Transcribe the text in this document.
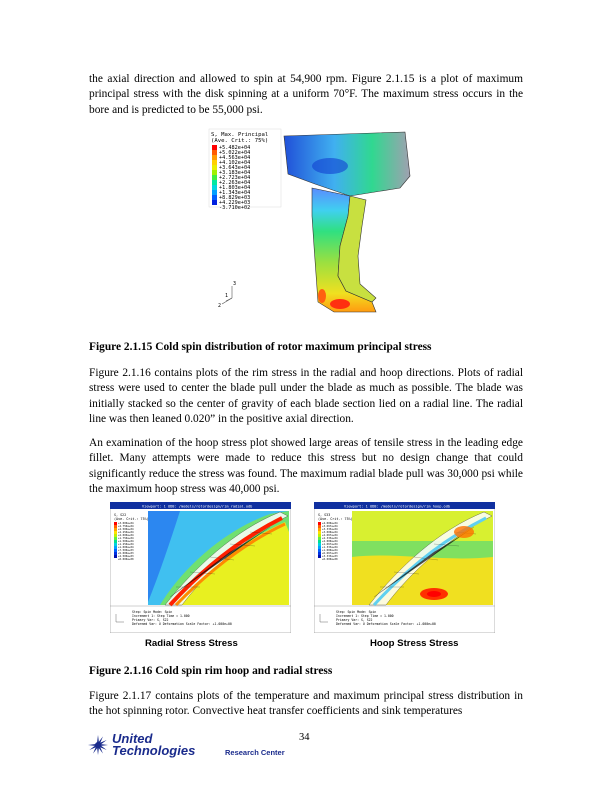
the axial direction and allowed to spin at 54,900 rpm. Figure 2.1.15 is a plot of maximum principal stress with the disk spinning at a uniform 70°F. The maximum stress occurs in the bore and is predicted to be 55,000 psi.

S, Max. Principal
(Ave. Crit.: 75%)
+5.482e+04
+5.022e+04
+4.563e+04
+4.102e+04
+3.643e+04
+3.183e+04
+2.723e+04
+2.263e+04
+1.803e+04
+1.343e+04
+8.829e+03
+4.229e+03
-3.710e+02
2
1
3

Figure 2.1.15 Cold spin distribution of rotor maximum principal stress

Figure 2.1.16 contains plots of the rim stress in the radial and hoop directions. Plots of radial stress were used to center the blade pull under the blade as much as possible. The blade was initially stacked so the center of gravity of each blade section lied on a radial line. The radial line was then leaned 0.020” in the positive axial direction.

An examination of the hoop stress plot showed large areas of tensile stress in the leading edge fillet. Many attempts were made to reduce this stress but no design change that could significantly reduce the stress was found. The maximum radial blade pull was 30,000 psi while the maximum hoop stress was 40,000 psi.

Viewport: 1 ODB: /models/rotordesign/rim_radial.odb
S, S22
(Ave. Crit.: 75%)
+3.000e+04
+2.750e+04
+2.500e+04
+2.250e+04
+2.000e+04
+1.750e+04
+1.500e+04
+1.250e+04
+1.000e+04
+7.500e+03
+5.000e+03
+2.500e+03
+0.000e+00
Step: Spin Mode: Spin
Increment 1: Step Time = 1.000
Primary Var: S, S22
Deformed Var: U Deformation Scale Factor: +1.000e+00
Viewport: 1 ODB: /models/rotordesign/rim_hoop.odb
S, S33
(Ave. Crit.: 75%)
+4.000e+04
+3.667e+04
+3.333e+04
+3.000e+04
+2.667e+04
+2.333e+04
+2.000e+04
+1.667e+04
+1.333e+04
+1.000e+04
+6.667e+03
+3.333e+03
+0.000e+00
Step: Spin Mode: Spin
Increment 1: Step Time = 1.000
Primary Var: S, S22
Deformed Var: U Deformation Scale Factor: +1.000e+00
Radial Stress Stress	Hoop Stress Stress

Figure 2.1.16 Cold spin rim hoop and radial stress

Figure 2.1.17 contains plots of the temperature and maximum principal stress distribution in the hot spinning rotor. Convective heat transfer coefficients and sink temperatures

34
United
Technologies	Research Center
